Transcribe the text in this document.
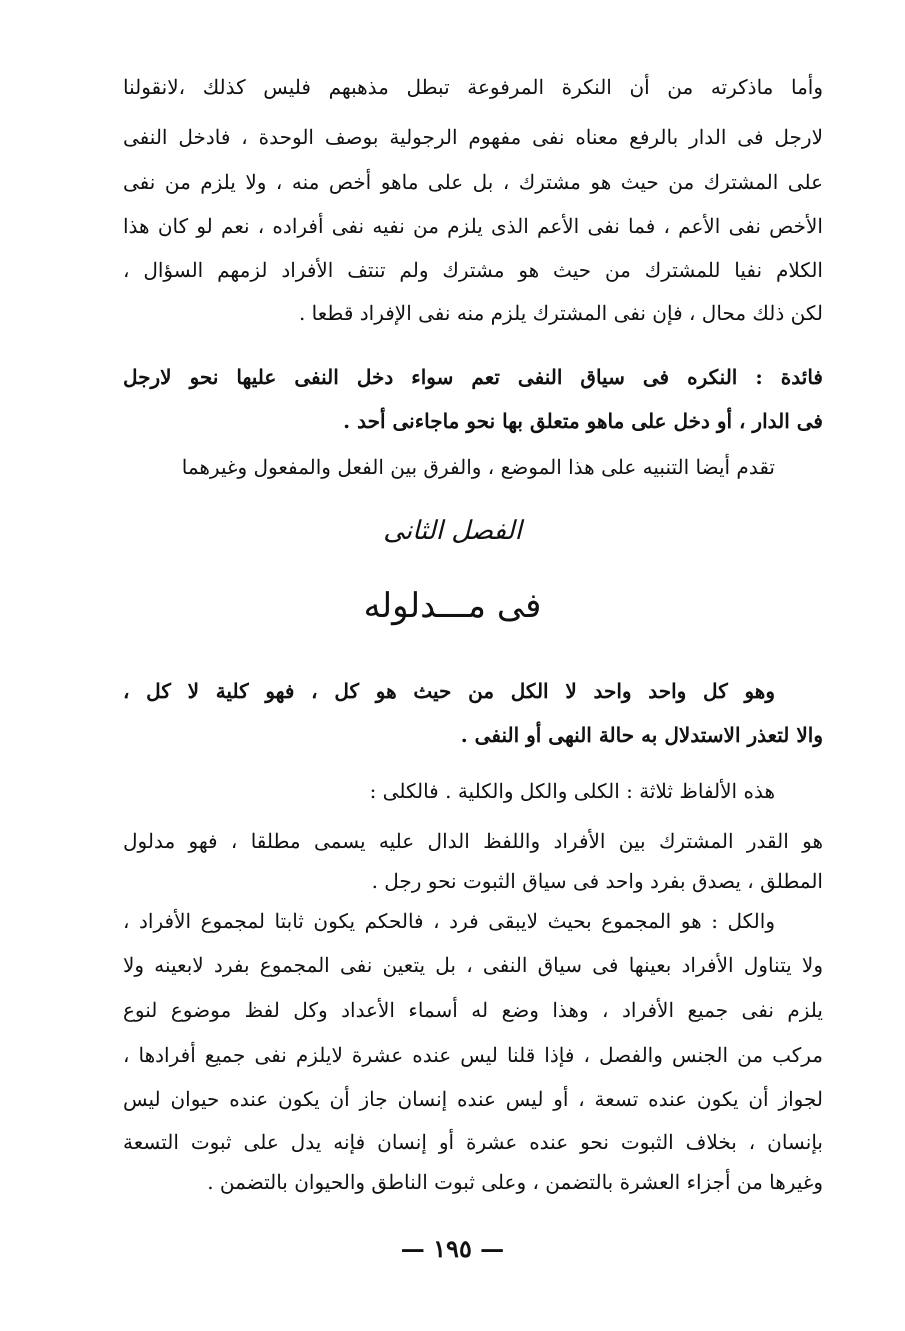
وأما ماذكرته من أن النكرة المرفوعة تبطل مذهبهم فليس كذلك ،لانقولنا
لارجل فى الدار بالرفع معناه نفى مفهوم الرجولية بوصف الوحدة ، فادخل النفى
على المشترك من حيث هو مشترك ، بل على ماهو أخص منه ، ولا يلزم من نفى
الأخص نفى الأعم ، فما نفى الأعم الذى يلزم من نفيه نفى أفراده ، نعم لو كان هذا
الكلام نفيا للمشترك من حيث هو مشترك ولم تنتف الأفراد لزمهم السؤال ،
لكن ذلك محال ، فإن نفى المشترك يلزم منه نفى الإفراد قطعا .
فائدة : النكره فى سياق النفى تعم سواء دخل النفى عليها نحو لارجل
فى الدار ، أو دخل على ماهو متعلق بها نحو ماجاءنى أحد .
تقدم أيضا التنبيه على هذا الموضع ، والفرق بين الفعل والمفعول وغيرهما
الفصل الثانى
فى مـــدلوله
وهو كل واحد واحد لا الكل من حيث هو كل ، فهو كلية لا كل ،
والا لتعذر الاستدلال به حالة النهى أو النفى .
هذه الألفاظ ثلاثة : الكلى والكل والكلية . فالكلى :
هو القدر المشترك بين الأفراد واللفظ الدال عليه يسمى مطلقا ، فهو مدلول
المطلق ، يصدق بفرد واحد فى سياق الثبوت نحو رجل .
والكل : هو المجموع بحيث لايبقى فرد ، فالحكم يكون ثابتا لمجموع الأفراد ،
ولا يتناول الأفراد بعينها فى سياق النفى ، بل يتعين نفى المجموع بفرد لابعينه ولا
يلزم نفى جميع الأفراد ، وهذا وضع له أسماء الأعداد وكل لفظ موضوع لنوع
مركب من الجنس والفصل ، فإذا قلنا ليس عنده عشرة لايلزم نفى جميع أفرادها ،
لجواز أن يكون عنده تسعة ، أو ليس عنده إنسان جاز أن يكون عنده حيوان ليس
بإنسان ، بخلاف الثبوت نحو عنده عشرة أو إنسان فإنه يدل على ثبوت التسعة
وغيرها من أجزاء العشرة بالتضمن ، وعلى ثبوت الناطق والحيوان بالتضمن .
— ١٩٥ —
